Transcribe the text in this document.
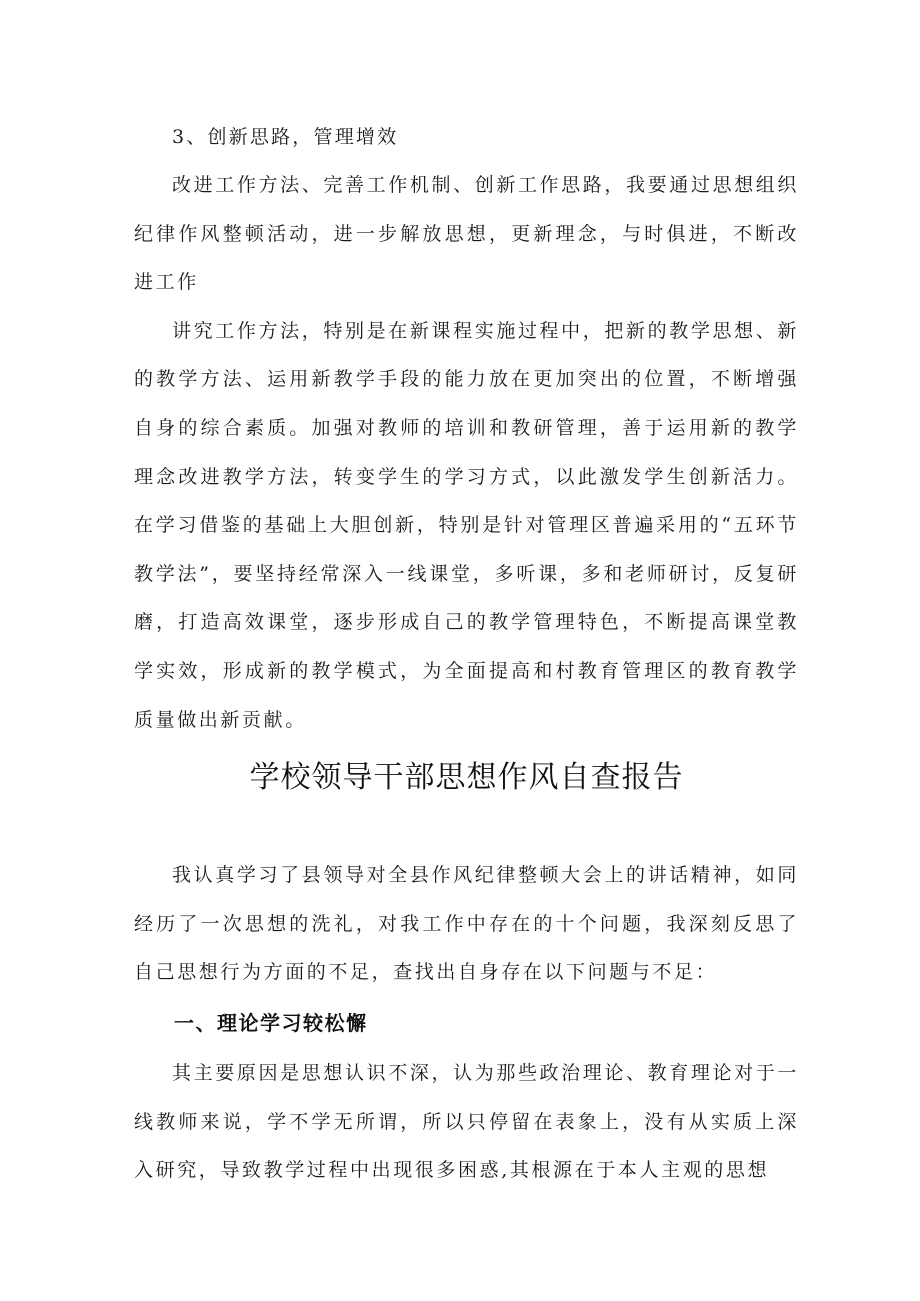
3、创新思路，管理增效

改进工作方法、完善工作机制、创新工作思路，我要通过思想组织纪律作风整顿活动，进一步解放思想，更新理念，与时俱进，不断改进工作

讲究工作方法，特别是在新课程实施过程中，把新的教学思想、新的教学方法、运用新教学手段的能力放在更加突出的位置，不断增强自身的综合素质。加强对教师的培训和教研管理，善于运用新的教学理念改进教学方法，转变学生的学习方式，以此激发学生创新活力。在学习借鉴的基础上大胆创新，特别是针对管理区普遍采用的“五环节教学法”，要坚持经常深入一线课堂，多听课，多和老师研讨，反复研磨，打造高效课堂，逐步形成自己的教学管理特色，不断提高课堂教学实效，形成新的教学模式，为全面提高和村教育管理区的教育教学质量做出新贡献。

学校领导干部思想作风自查报告

我认真学习了县领导对全县作风纪律整顿大会上的讲话精神，如同经历了一次思想的洗礼，对我工作中存在的十个问题，我深刻反思了自己思想行为方面的不足，查找出自身存在以下问题与不足：

一、理论学习较松懈

其主要原因是思想认识不深，认为那些政治理论、教育理论对于一线教师来说，学不学无所谓，所以只停留在表象上，没有从实质上深入研究，导致教学过程中出现很多困惑,其根源在于本人主观的思想
